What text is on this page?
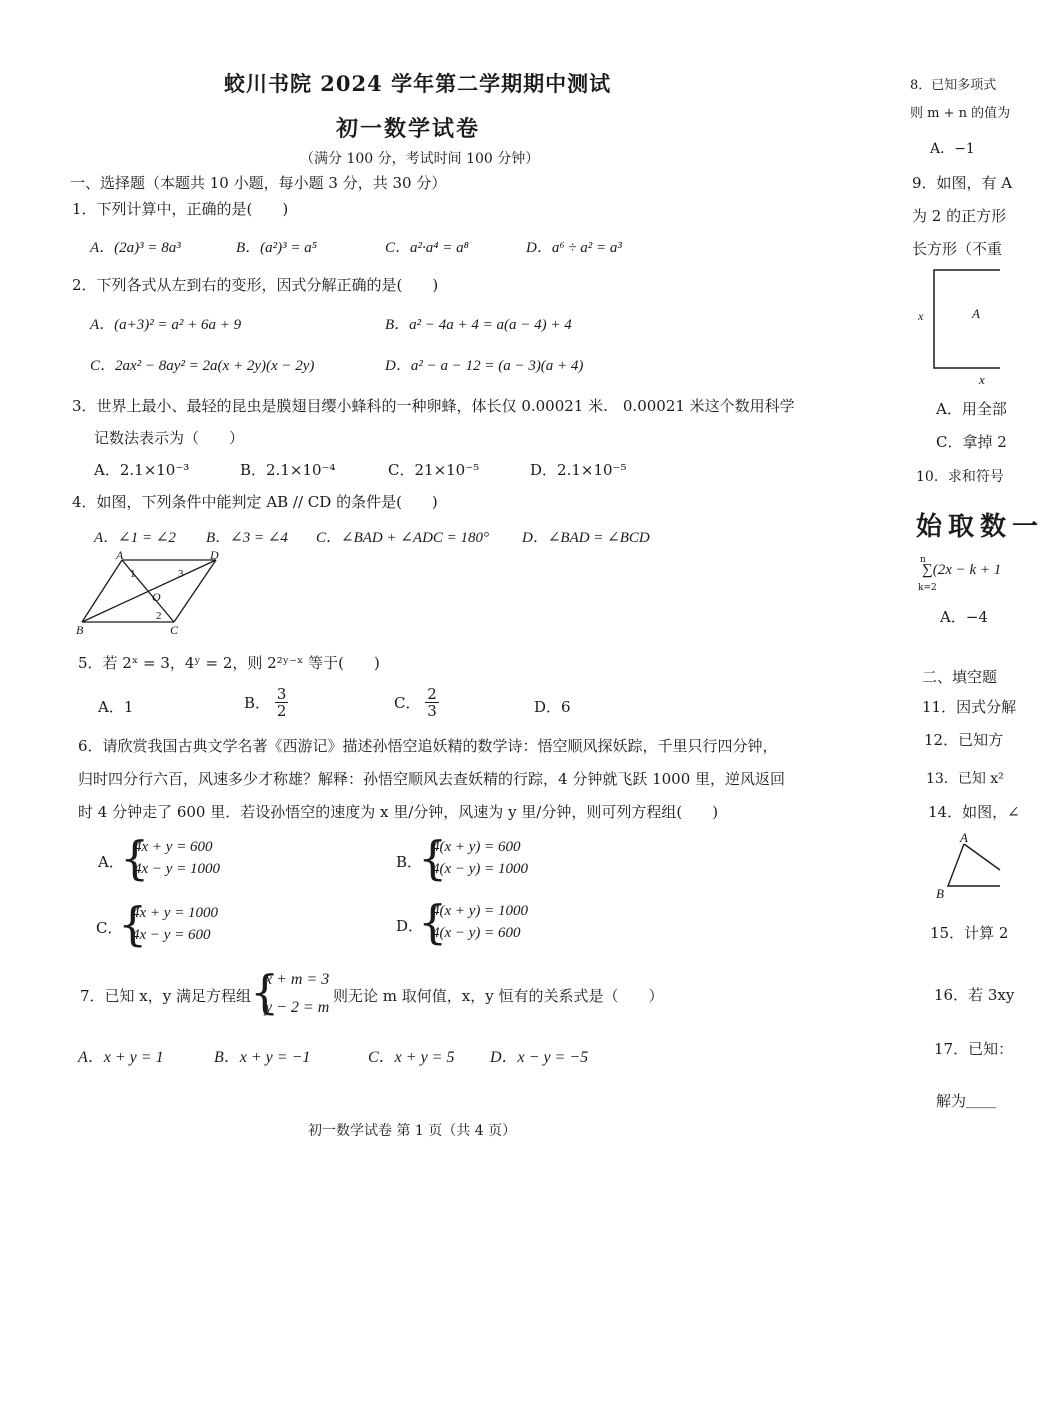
蛟川书院 2024 学年第二学期期中测试
初一数学试卷
（满分 100 分，考试时间 100 分钟）
一、选择题（本题共 10 小题，每小题 3 分，共 30 分）
1．下列计算中，正确的是(　　)
A．(2a)³ = 8a³	B．(a²)³ = a⁵	C．a²·a⁴ = a⁸	D．a⁶ ÷ a² = a³
2．下列各式从左到右的变形，因式分解正确的是(　　)
A．(a+3)² = a² + 6a + 9	B．a² − 4a + 4 = a(a − 4) + 4
C．2ax² − 8ay² = 2a(x + 2y)(x − 2y)	D．a² − a − 12 = (a − 3)(a + 4)
3．世界上最小、最轻的昆虫是膜翅目缨小蜂科的一种卵蜂，体长仅 0.00021 米.　0.00021 米这个数用科学
记数法表示为（　　）
A．2.1×10⁻³	B．2.1×10⁻⁴	C．21×10⁻⁵	D．2.1×10⁻⁵
4．如图，下列条件中能判定 AB // CD 的条件是(　　)
A．∠1 = ∠2 B．∠3 = ∠4 C．∠BAD + ∠ADC = 180° D．∠BAD = ∠BCD
A	D
B	C
O
1	3
2
5．若 2ˣ = 3，4ʸ = 2，则 2²ʸ⁻ˣ 等于(　　)
A．1	B． $\frac{3}{2}$	C． $\frac{2}{3}$	D．6
6．请欣赏我国古典文学名著《西游记》描述孙悟空追妖精的数学诗：悟空顺风探妖踪，千里只行四分钟，
归时四分行六百，风速多少才称雄？解释：孙悟空顺风去查妖精的行踪，4 分钟就飞跃 1000 里，逆风返回
时 4 分钟走了 600 里．若设孙悟空的速度为 x 里/分钟，风速为 y 里/分钟，则可列方程组(　　)
A．
{
4x + y = 600
4x − y = 1000	B．
{
4(x + y) = 600
4(x − y) = 1000
C．
{
4x + y = 1000
4x − y = 600	D．
{
4(x + y) = 1000
4(x − y) = 600
7．已知 x，y 满足方程组
{
x + m = 3
y − 2 = m
则无论 m 取何值，x，y 恒有的关系式是（　　）
A．x + y = 1	B．x + y = −1	C．x + y = 5 D．x − y = −5
初一数学试卷 第 1 页（共 4 页）
8．已知多项式
则 m + n 的值为
A．−1
9．如图，有 A
为 2 的正方形
长方形（不重
x	A
x
A．用全部
C．拿掉 2
10．求和符号
始取数一
n
∑(2x − k + 1
k=2
A．−4
二、填空题
11．因式分解
12．已知方
13．已知 x²
14．如图，∠
A
B
15．计算 2
16．若 3xy
17．已知：
解为＿＿
